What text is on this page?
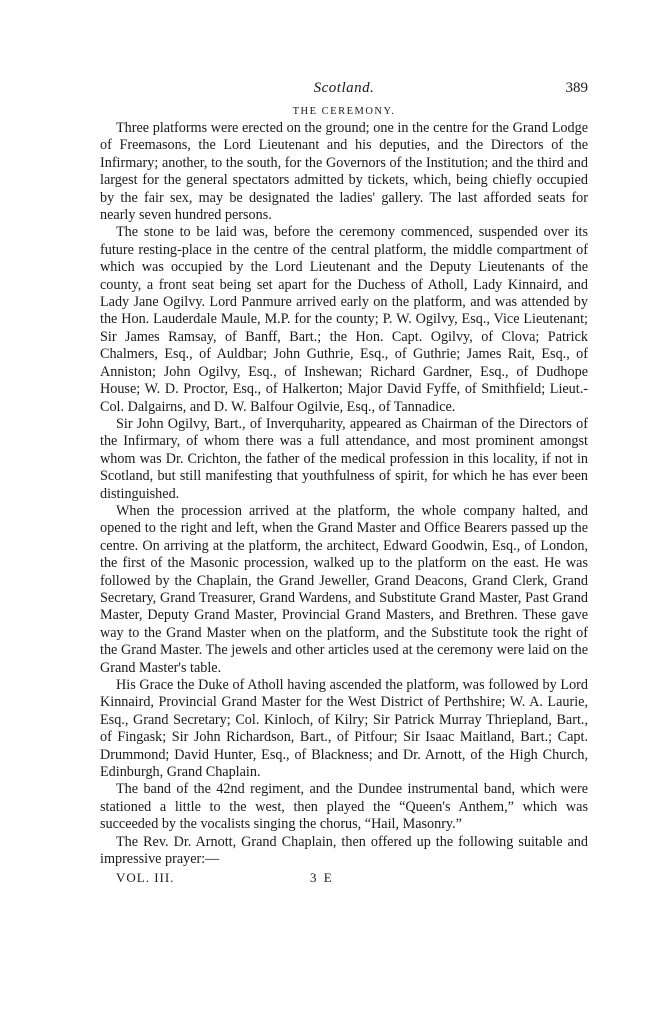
Scotland.	389
THE CEREMONY.

Three platforms were erected on the ground; one in the centre for the Grand Lodge of Freemasons, the Lord Lieutenant and his deputies, and the Directors of the Infirmary; another, to the south, for the Governors of the Institution; and the third and largest for the general spectators admitted by tickets, which, being chiefly occupied by the fair sex, may be designated the ladies' gallery. The last afforded seats for nearly seven hundred persons.

The stone to be laid was, before the ceremony commenced, suspended over its future resting-place in the centre of the central platform, the middle compartment of which was occupied by the Lord Lieutenant and the Deputy Lieutenants of the county, a front seat being set apart for the Duchess of Atholl, Lady Kinnaird, and Lady Jane Ogilvy. Lord Panmure arrived early on the platform, and was attended by the Hon. Lauderdale Maule, M.P. for the county; P. W. Ogilvy, Esq., Vice Lieutenant; Sir James Ramsay, of Banff, Bart.; the Hon. Capt. Ogilvy, of Clova; Patrick Chalmers, Esq., of Auldbar; John Guthrie, Esq., of Guthrie; James Rait, Esq., of Anniston; John Ogilvy, Esq., of Inshewan; Richard Gardner, Esq., of Dudhope House; W. D. Proctor, Esq., of Halkerton; Major David Fyffe, of Smithfield; Lieut.-Col. Dalgairns, and D. W. Balfour Ogilvie, Esq., of Tannadice.

Sir John Ogilvy, Bart., of Inverquharity, appeared as Chairman of the Directors of the Infirmary, of whom there was a full attendance, and most prominent amongst whom was Dr. Crichton, the father of the medical profession in this locality, if not in Scotland, but still manifesting that youthfulness of spirit, for which he has ever been distinguished.

When the procession arrived at the platform, the whole company halted, and opened to the right and left, when the Grand Master and Office Bearers passed up the centre. On arriving at the platform, the architect, Edward Goodwin, Esq., of London, the first of the Masonic procession, walked up to the platform on the east. He was followed by the Chaplain, the Grand Jeweller, Grand Deacons, Grand Clerk, Grand Secretary, Grand Treasurer, Grand Wardens, and Substitute Grand Master, Past Grand Master, Deputy Grand Master, Provincial Grand Masters, and Brethren. These gave way to the Grand Master when on the platform, and the Substitute took the right of the Grand Master. The jewels and other articles used at the ceremony were laid on the Grand Master's table.

His Grace the Duke of Atholl having ascended the platform, was followed by Lord Kinnaird, Provincial Grand Master for the West District of Perthshire; W. A. Laurie, Esq., Grand Secretary; Col. Kinloch, of Kilry; Sir Patrick Murray Thriepland, Bart., of Fingask; Sir John Richardson, Bart., of Pitfour; Sir Isaac Maitland, Bart.; Capt. Drummond; David Hunter, Esq., of Blackness; and Dr. Arnott, of the High Church, Edinburgh, Grand Chaplain.

The band of the 42nd regiment, and the Dundee instrumental band, which were stationed a little to the west, then played the “Queen's Anthem,” which was succeeded by the vocalists singing the chorus, “Hail, Masonry.”

The Rev. Dr. Arnott, Grand Chaplain, then offered up the following suitable and impressive prayer:—

VOL. III.	3 E
